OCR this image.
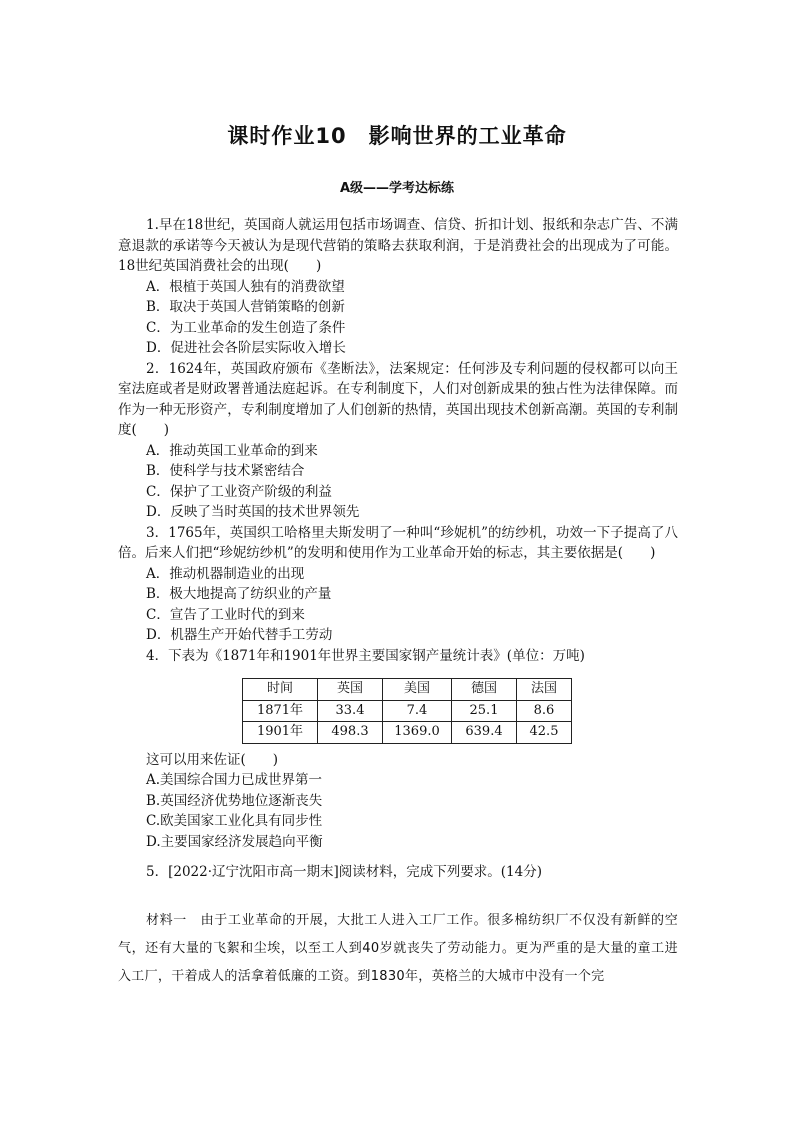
课时作业10　影响世界的工业革命
A级——学考达标练

1.早在18世纪，英国商人就运用包括市场调查、信贷、折扣计划、报纸和杂志广告、不满意退款的承诺等今天被认为是现代营销的策略去获取利润，于是消费社会的出现成为了可能。18世纪英国消费社会的出现(　　)

A．根植于英国人独有的消费欲望

B．取决于英国人营销策略的创新

C．为工业革命的发生创造了条件

D．促进社会各阶层实际收入增长

2．1624年，英国政府颁布《垄断法》，法案规定：任何涉及专利问题的侵权都可以向王室法庭或者是财政署普通法庭起诉。在专利制度下，人们对创新成果的独占性为法律保障。而作为一种无形资产，专利制度增加了人们创新的热情，英国出现技术创新高潮。英国的专利制度(　　)

A．推动英国工业革命的到来

B．使科学与技术紧密结合

C．保护了工业资产阶级的利益

D．反映了当时英国的技术世界领先

3．1765年，英国织工哈格里夫斯发明了一种叫“珍妮机”的纺纱机，功效一下子提高了八倍。后来人们把“珍妮纺纱机”的发明和使用作为工业革命开始的标志，其主要依据是(　　)

A．推动机器制造业的出现

B．极大地提高了纺织业的产量

C．宣告了工业时代的到来

D．机器生产开始代替手工劳动

4．下表为《1871年和1901年世界主要国家钢产量统计表》(单位：万吨)

时间	英国	美国	德国	法国
1871年	33.4	7.4	25.1	8.6
1901年	498.3	1369.0	639.4	42.5

这可以用来佐证(　　)

A.美国综合国力已成世界第一

B.英国经济优势地位逐渐丧失

C.欧美国家工业化具有同步性

D.主要国家经济发展趋向平衡

5．[2022·辽宁沈阳市高一期末]阅读材料，完成下列要求。(14分)

材料一　由于工业革命的开展，大批工人进入工厂工作。很多棉纺织厂不仅没有新鲜的空气，还有大量的飞絮和尘埃，以至工人到40岁就丧失了劳动能力。更为严重的是大量的童工进入工厂，干着成人的活拿着低廉的工资。到1830年，英格兰的大城市中没有一个完
